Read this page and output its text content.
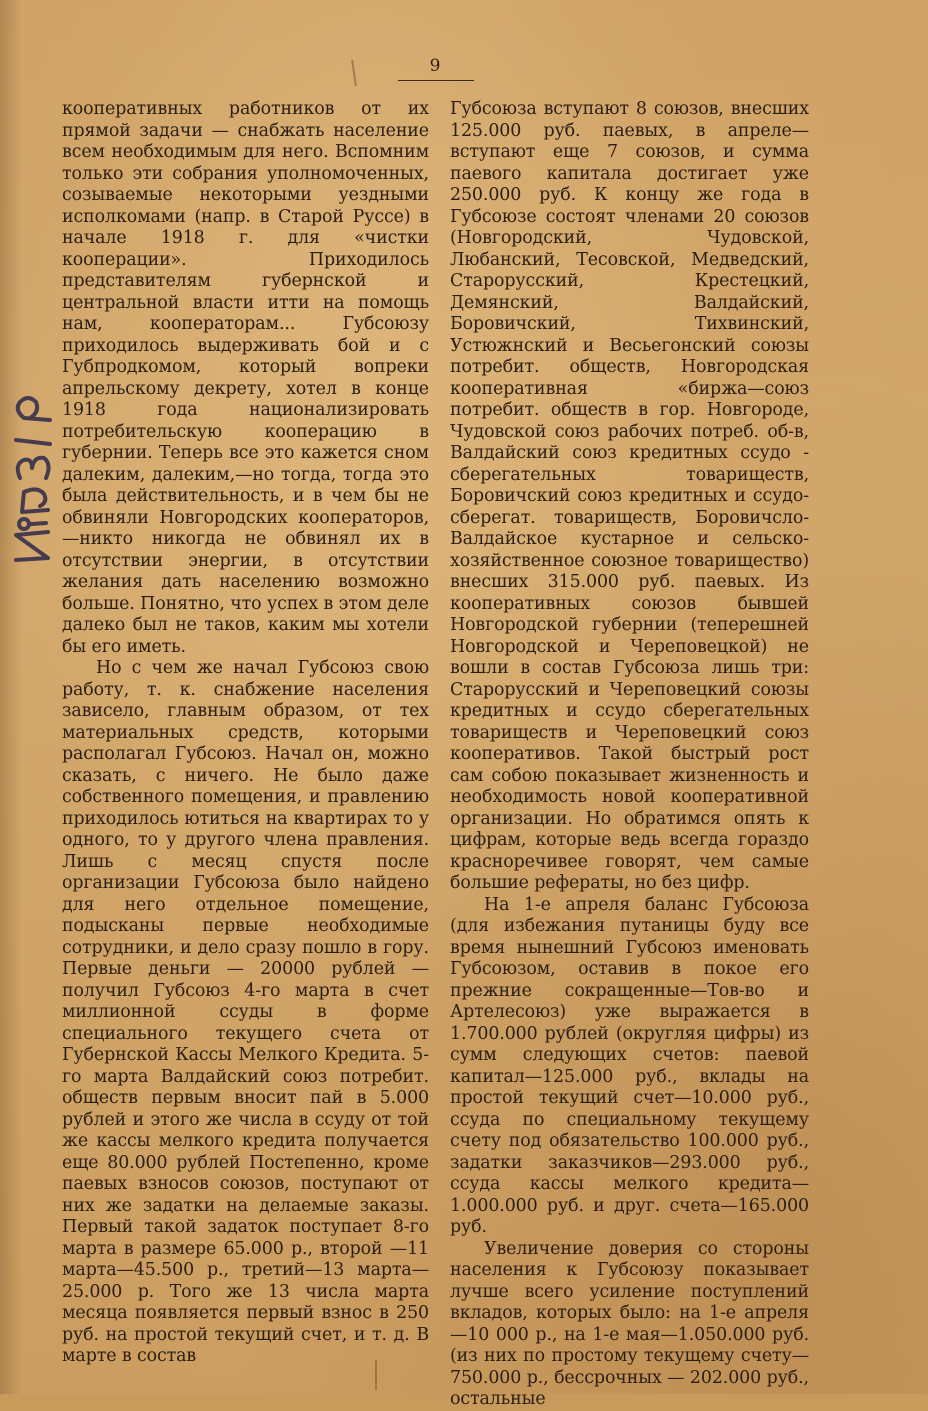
9

кооперативных работников от их прямой задачи — снабжать население всем необходимым для него. Вспомним только эти собрания уполномоченных, созываемые некоторыми уездными исполкомами (напр. в Старой Руссе) в начале 1918 г. для «чистки кооперации». Приходилось представителям губернской и центральной власти итти на помощь нам, кооператорам... Губсоюзу приходилось выдерживать бой и с Губпродкомом, который вопреки апрельскому декрету, хотел в конце 1918 года национализировать потребительскую кооперацию в губернии. Теперь все это кажется сном далеким, далеким,—но тогда, тогда это была действительность, и в чем бы не обвиняли Новгородских кооператоров,—никто никогда не обвинял их в отсутствии энергии, в отсутствии желания дать населению возможно больше. Понятно, что успех в этом деле далеко был не таков, каким мы хотели бы его иметь.

Но с чем же начал Губсоюз свою работу, т. к. снабжение населения зависело, главным образом, от тех материальных средств, которыми располагал Губсоюз. Начал он, можно сказать, с ничего. Не было даже собственного помещения, и правлению приходилось ютиться на квартирах то у одного, то у другого члена правления. Лишь с месяц спустя после организации Губсоюза было найдено для него отдельное помещение, подысканы первые необходимые сотрудники, и дело сразу пошло в гору. Первые деньги — 20000 рублей — получил Губсоюз 4-го марта в счет миллионной ссуды в форме специального текущего счета от Губернской Кассы Мелкого Кредита. 5-го марта Валдайский союз потребит. обществ первым вносит пай в 5.000 рублей и этого же числа в ссуду от той же кассы мелкого кредита получается еще 80.000 рублей Постепенно, кроме паевых взносов союзов, поступают от них же задатки на делаемые заказы. Первый такой задаток поступает 8-го марта в размере 65.000 р., второй —11 марта—45.500 р., третий—13 марта—25.000 р. Того же 13 числа марта месяца появляется первый взнос в 250 руб. на простой текущий счет, и т. д. В марте в состав

Губсоюза вступают 8 союзов, внесших 125.000 руб. паевых, в апреле—вступают еще 7 союзов, и сумма паевого капитала достигает уже 250.000 руб. К концу же года в Губсоюзе состоят членами 20 союзов (Новгородский, Чудовской, Любанский, Тесовской, Медведский, Старорусский, Крестецкий, Демянский, Валдайский, Боровичский, Тихвинский, Устюжнский и Весьегонский союзы потребит. обществ, Новгородская кооперативная «биржа—союз потребит. обществ в гор. Новгороде, Чудовской союз рабочих потреб. об-в, Валдайский союз кредитных ссудо - сберегательных товариществ, Боровичский союз кредитных и ссудо-сберегат. товариществ, Боровичсло-Валдайское кустарное и сельско-хозяйственное союзное товарищество) внесших 315.000 руб. паевых. Из кооперативных союзов бывшей Новгородской губернии (теперешней Новгородской и Череповецкой) не вошли в состав Губсоюза лишь три: Старорусский и Череповецкий союзы кредитных и ссудо сберегательных товариществ и Череповецкий союз кооперативов. Такой быстрый рост сам собою показывает жизненность и необходимость новой кооперативной организации. Но обратимся опять к цифрам, которые ведь всегда гораздо красноречивее говорят, чем самые большие рефераты, но без цифр.

На 1-е апреля баланс Губсоюза (для избежания путаницы буду все время нынешний Губсоюз именовать Губсоюзом, оставив в покое его прежние сокращенные—Тов-во и Артелесоюз) уже выражается в 1.700.000 рублей (округляя цифры) из сумм следующих счетов: паевой капитал—125.000 руб., вклады на простой текущий счет—10.000 руб., ссуда по специальному текущему счету под обязательство 100.000 руб., задатки заказчиков—293.000 руб., ссуда кассы мелкого кредита—1.000.000 руб. и друг. счета—165.000 руб.

Увеличение доверия со стороны населения к Губсоюзу показывает лучше всего усиление поступлений вкладов, которых было: на 1-е апреля—10 000 р., на 1-е мая—1.050.000 руб. (из них по простому текущему счету—750.000 р., бессрочных — 202.000 руб., остальные
